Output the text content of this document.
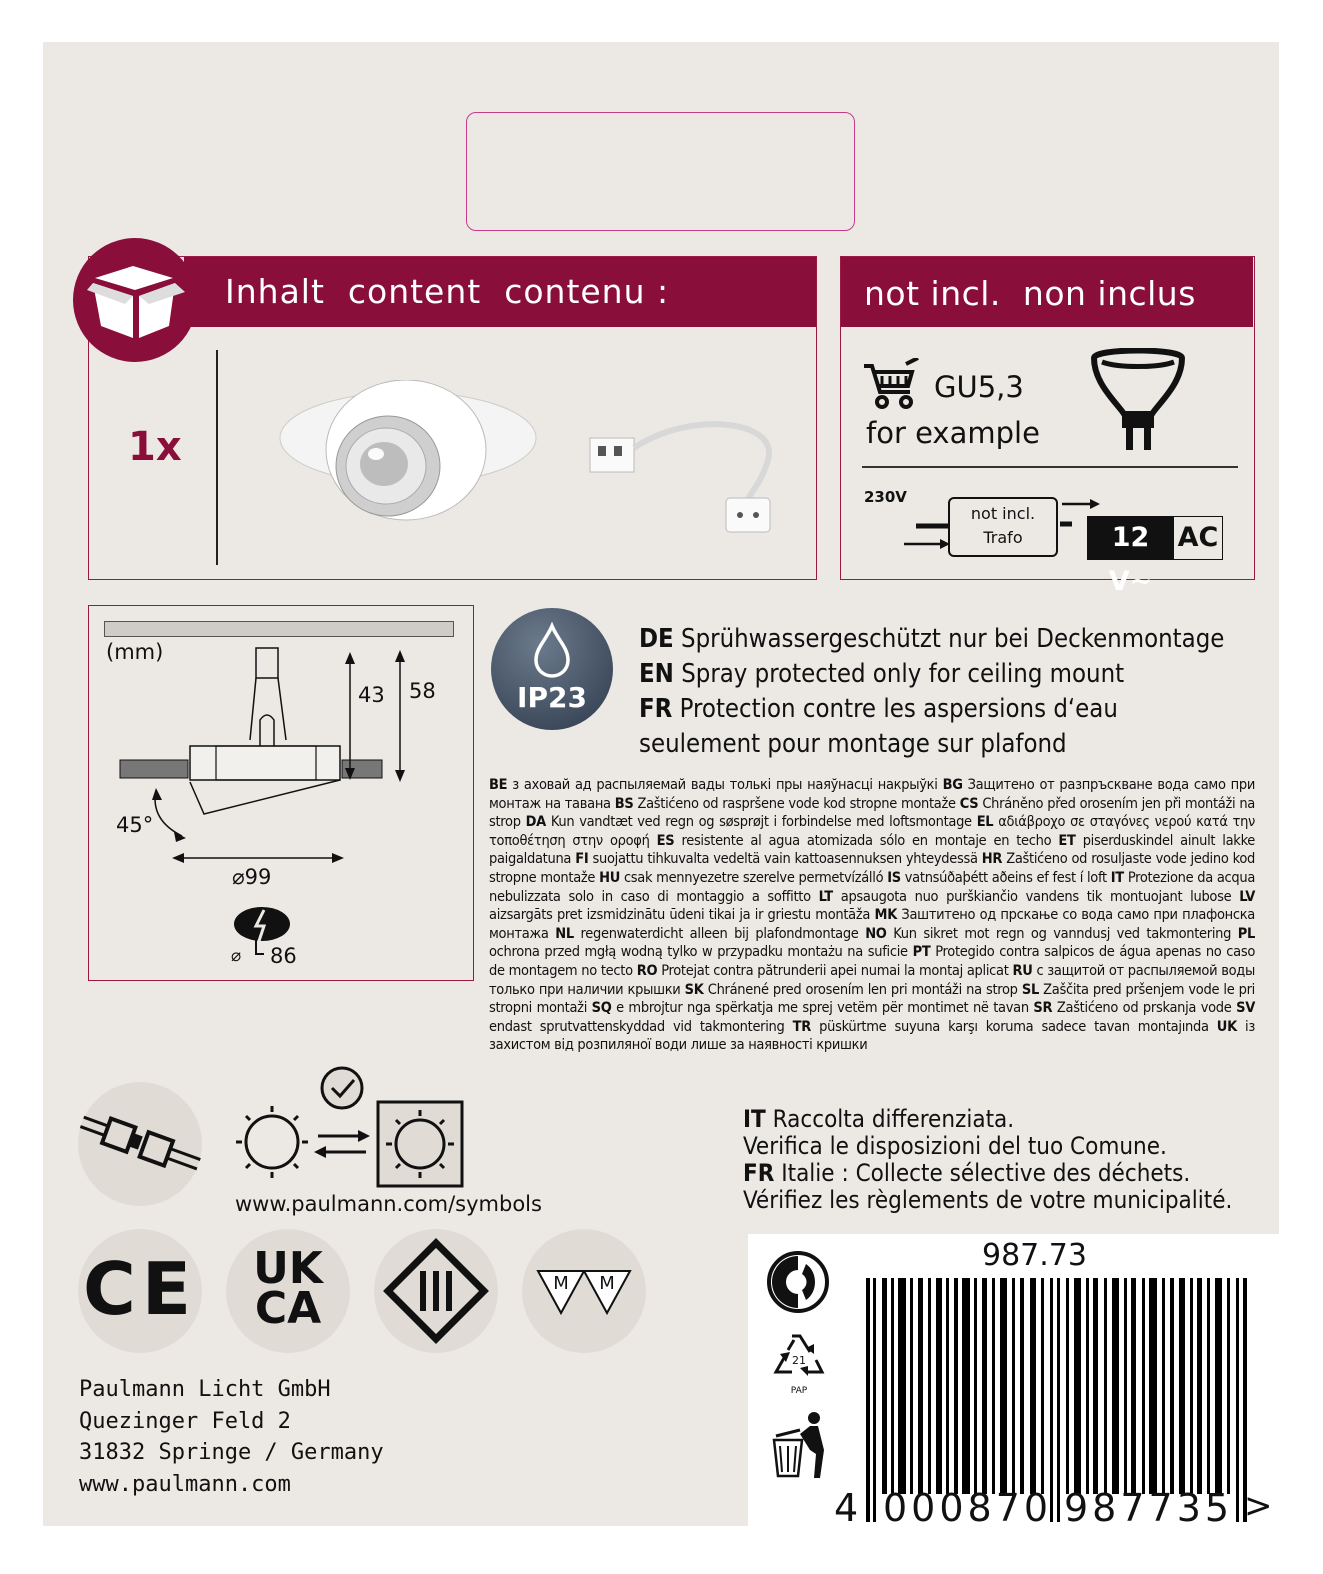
Inhalt  content  contenu :
1x
not incl.  non inclus
GU5,3
for example
230V
not incl.
Trafo	12 V~
AC
(mm)
43 58
45°
⌀99
⌀ 86
IP23
DE Sprühwassergeschützt nur bei Deckenmontage
EN Spray protected only for ceiling mount
FR Protection contre les aspersions d‘eau
seulement pour montage sur plafond
BE з аховай ад распыляемай вады толькі пры наяўнасці накрыўкі BG Защитено от разпръскване вода само при монтаж на тавана BS Zaštićeno od raspršene vode kod stropne montaže CS Chráněno před orosením jen při montáži na strop DA Kun vandtæt ved regn og søsprøjt i forbindelse med loftsmontage EL αδιάβροχο σε σταγόνες νερού κατά την τοποθέτηση στην οροφή ES resistente al agua atomizada sólo en montaje en techo ET piserduskindel ainult lakke paigaldatuna FI suojattu tihkuvalta vedeltä vain kattoasennuksen yhteydessä HR Zaštićeno od rosuljaste vode jedino kod stropne montaže HU csak mennyezetre szerelve permetvízálló IS vatnsúðaþétt aðeins ef fest í loft IT Protezione da acqua nebulizzata solo in caso di montaggio a soffitto LT apsaugota nuo purškiančio vandens tik montuojant lubose LV aizsargāts pret izsmidzinātu ūdeni tikai ja ir griestu montāža MK Заштитено од прскање со вода само при плафонска монтажа NL regenwaterdicht alleen bij plafondmontage NO Kun sikret mot regn og vanndusj ved takmontering PL ochrona przed mgłą wodną tylko w przypadku montażu na suficie PT Protegido contra salpicos de água apenas no caso de montagem no tecto RO Protejat contra pătrunderii apei numai la montaj aplicat RU с защитой от распыляемой воды только при наличии крышки SK Chránené pred orosením len pri montáži na strop SL Zaščita pred pršenjem vode le pri stropni montaži SQ e mbrojtur nga spërkatja me sprej vetëm për montimet në tavan SR Zaštićeno od prskanja vode SV endast sprutvattenskyddad vid takmontering TR püskürtme suyuna karşı koruma sadece tavan montajında UK із захистом від розпиляної води лише за наявності кришки
www.paulmann.com/symbols
IT Raccolta differenziata.
Verifica le disposizioni del tuo Comune.
FR Italie : Collecte sélective des déchets.
Vérifiez les règlements de votre municipalité.
CE	UK
CA	M M
Paulmann Licht GmbH
Quezinger Feld 2
31832 Springe / Germany
www.paulmann.com
987.73
21
PAP
4 000870 987735 >
